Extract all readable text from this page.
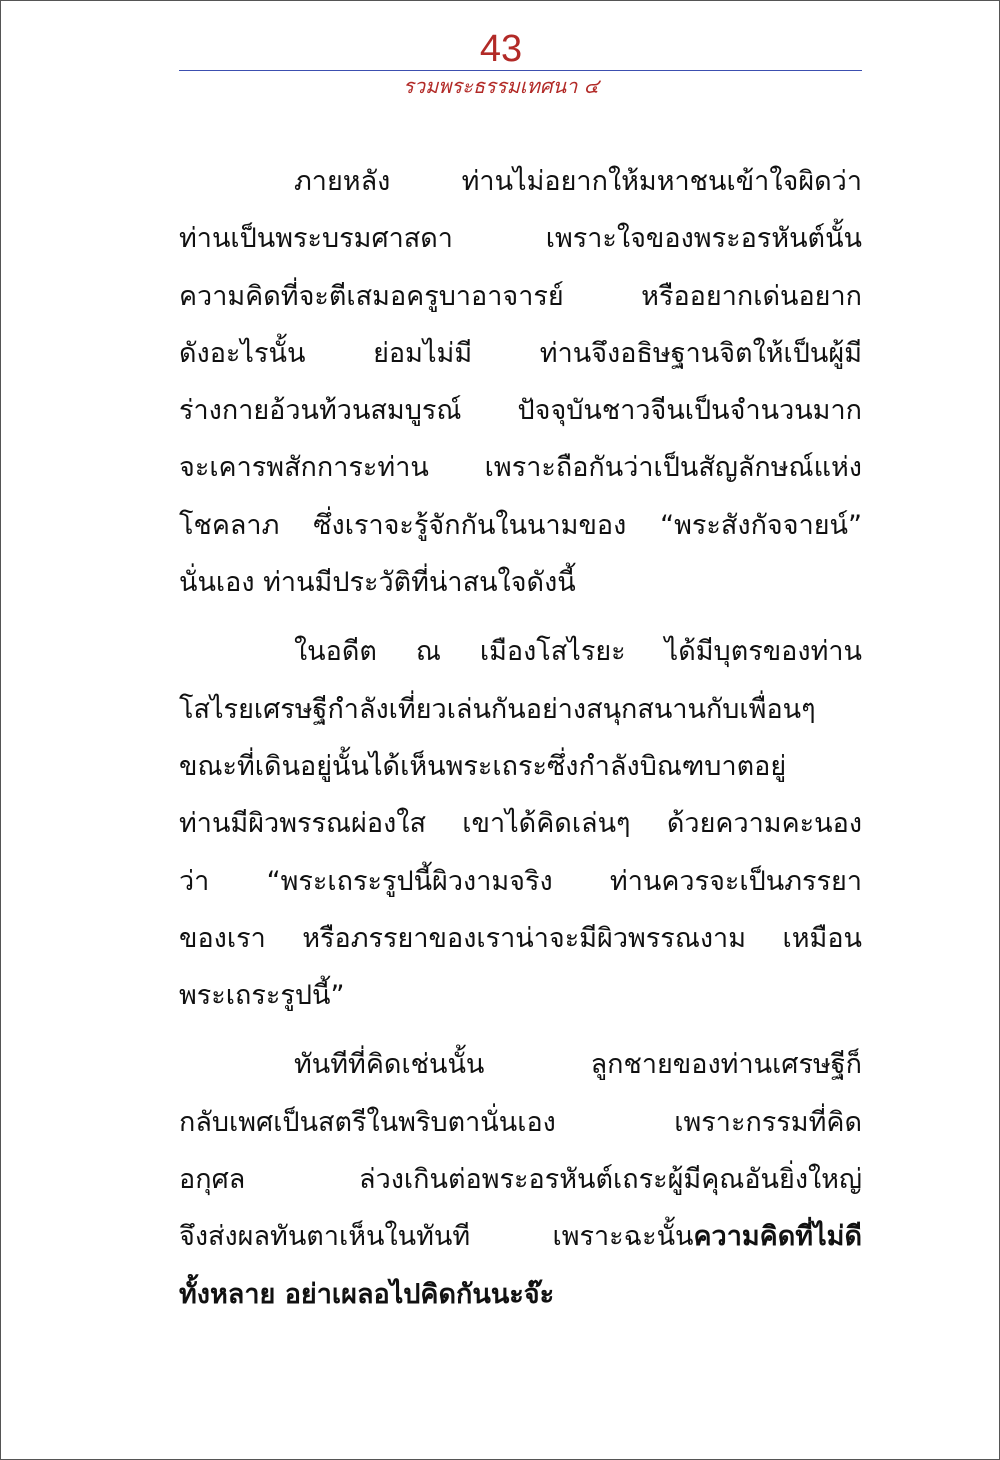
43
รวมพระธรรมเทศนา ๔
ภายหลัง ท่านไม่อยากให้มหาชนเข้าใจผิดว่า
ท่านเป็นพระบรมศาสดา เพราะใจของพระอรหันต์นั้น
ความคิดที่จะตีเสมอครูบาอาจารย์ หรืออยากเด่นอยาก
ดังอะไรนั้น ย่อมไม่มี ท่านจึงอธิษฐานจิตให้เป็นผู้มี
ร่างกายอ้วนท้วนสมบูรณ์ ปัจจุบันชาวจีนเป็นจำนวนมาก
จะเคารพสักการะท่าน เพราะถือกันว่าเป็นสัญลักษณ์แห่ง
โชคลาภ ซึ่งเราจะรู้จักกันในนามของ “พระสังกัจจายน์”
นั่นเอง ท่านมีประวัติที่น่าสนใจดังนี้
ในอดีต ณ เมืองโสไรยะ ได้มีบุตรของท่าน
โสไรยเศรษฐีกำลังเที่ยวเล่นกันอย่างสนุกสนานกับเพื่อนๆ
ขณะที่เดินอยู่นั้นได้เห็นพระเถระซึ่งกำลังบิณฑบาตอยู่
ท่านมีผิวพรรณผ่องใส เขาได้คิดเล่นๆ ด้วยความคะนอง
ว่า “พระเถระรูปนี้ผิวงามจริง ท่านควรจะเป็นภรรยา
ของเรา หรือภรรยาของเราน่าจะมีผิวพรรณงาม เหมือน
พระเถระรูปนี้”
ทันทีที่คิดเช่นนั้น ลูกชายของท่านเศรษฐีก็
กลับเพศเป็นสตรีในพริบตานั่นเอง เพราะกรรมที่คิด
อกุศล ล่วงเกินต่อพระอรหันต์เถระผู้มีคุณอันยิ่งใหญ่
จึงส่งผลทันตาเห็นในทันที เพราะฉะนั้นความคิดที่ไม่ดี
ทั้งหลาย อย่าเผลอไปคิดกันนะจ๊ะ
